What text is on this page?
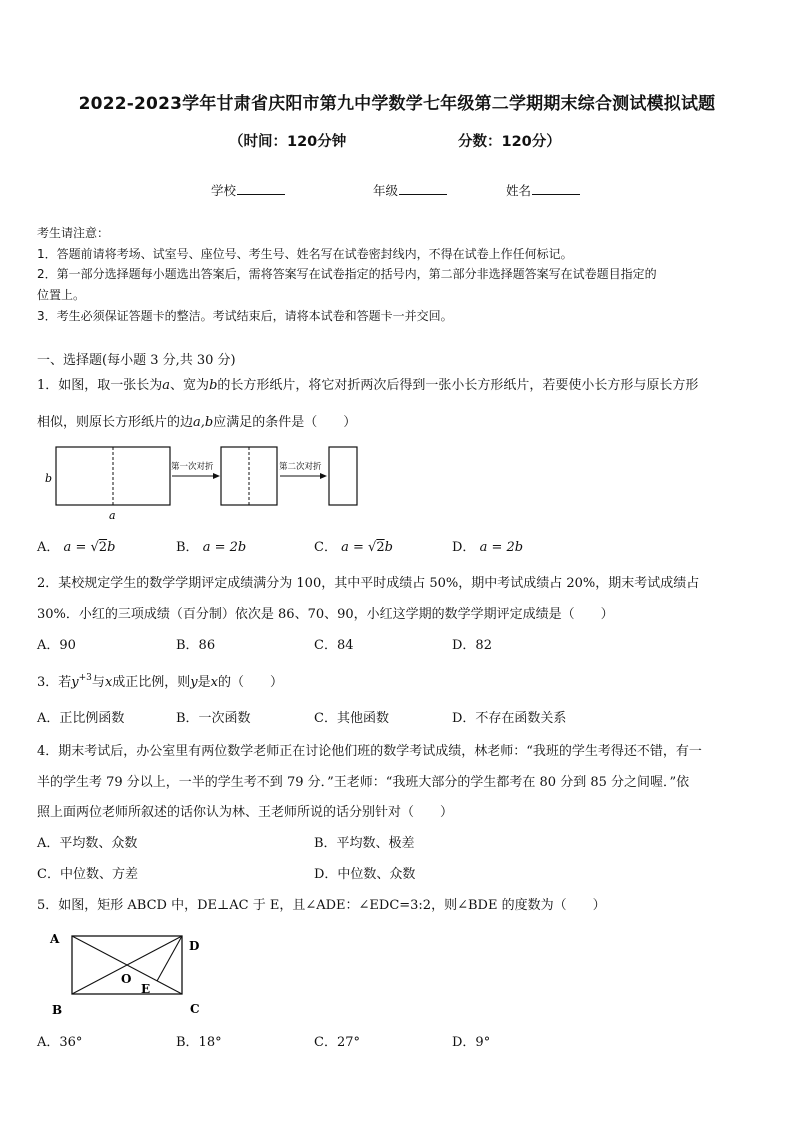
2022-2023学年甘肃省庆阳市第九中学数学七年级第二学期期末综合测试模拟试题
（时间：120分钟	分数：120分）
学校	年级	姓名
考生请注意：
1．答题前请将考场、试室号、座位号、考生号、姓名写在试卷密封线内，不得在试卷上作任何标记。
2．第一部分选择题每小题选出答案后，需将答案写在试卷指定的括号内，第二部分非选择题答案写在试卷题目指定的
位置上。
3．考生必须保证答题卡的整洁。考试结束后，请将本试卷和答题卡一并交回。
一、选择题(每小题 3 分,共 30 分)
1．如图，取一张长为a、宽为b的长方形纸片，将它对折两次后得到一张小长方形纸片，若要使小长方形与原长方形
相似，则原长方形纸片的边a,b应满足的条件是（　　）
b
a
第一次对折	第二次对折
A． a = √2b	B． a = 2b	C． a = √2b	D． a = 2b
2．某校规定学生的数学学期评定成绩满分为 100，其中平时成绩占 50%，期中考试成绩占 20%，期末考试成绩占
30%．小红的三项成绩（百分制）依次是 86、70、90，小红这学期的数学学期评定成绩是（　　）
A．90	B．86	C．84	D．82
3．若$y^{+3}$与x成正比例，则y是x的（　　）
A．正比例函数	B．一次函数	C．其他函数	D．不存在函数关系
4．期末考试后，办公室里有两位数学老师正在讨论他们班的数学考试成绩，林老师：“我班的学生考得还不错，有一
半的学生考 79 分以上，一半的学生考不到 79 分．”王老师：“我班大部分的学生都考在 80 分到 85 分之间喔．”依
照上面两位老师所叙述的话你认为林、王老师所说的话分别针对（　　）
A．平均数、众数	B．平均数、极差
C．中位数、方差	D．中位数、众数
5．如图，矩形 ABCD 中，DE⊥AC 于 E，且∠ADE：∠EDC=3:2，则∠BDE 的度数为（　　）
A
B	C
D
O
E
A．36°	B．18°	C．27°	D．9°
